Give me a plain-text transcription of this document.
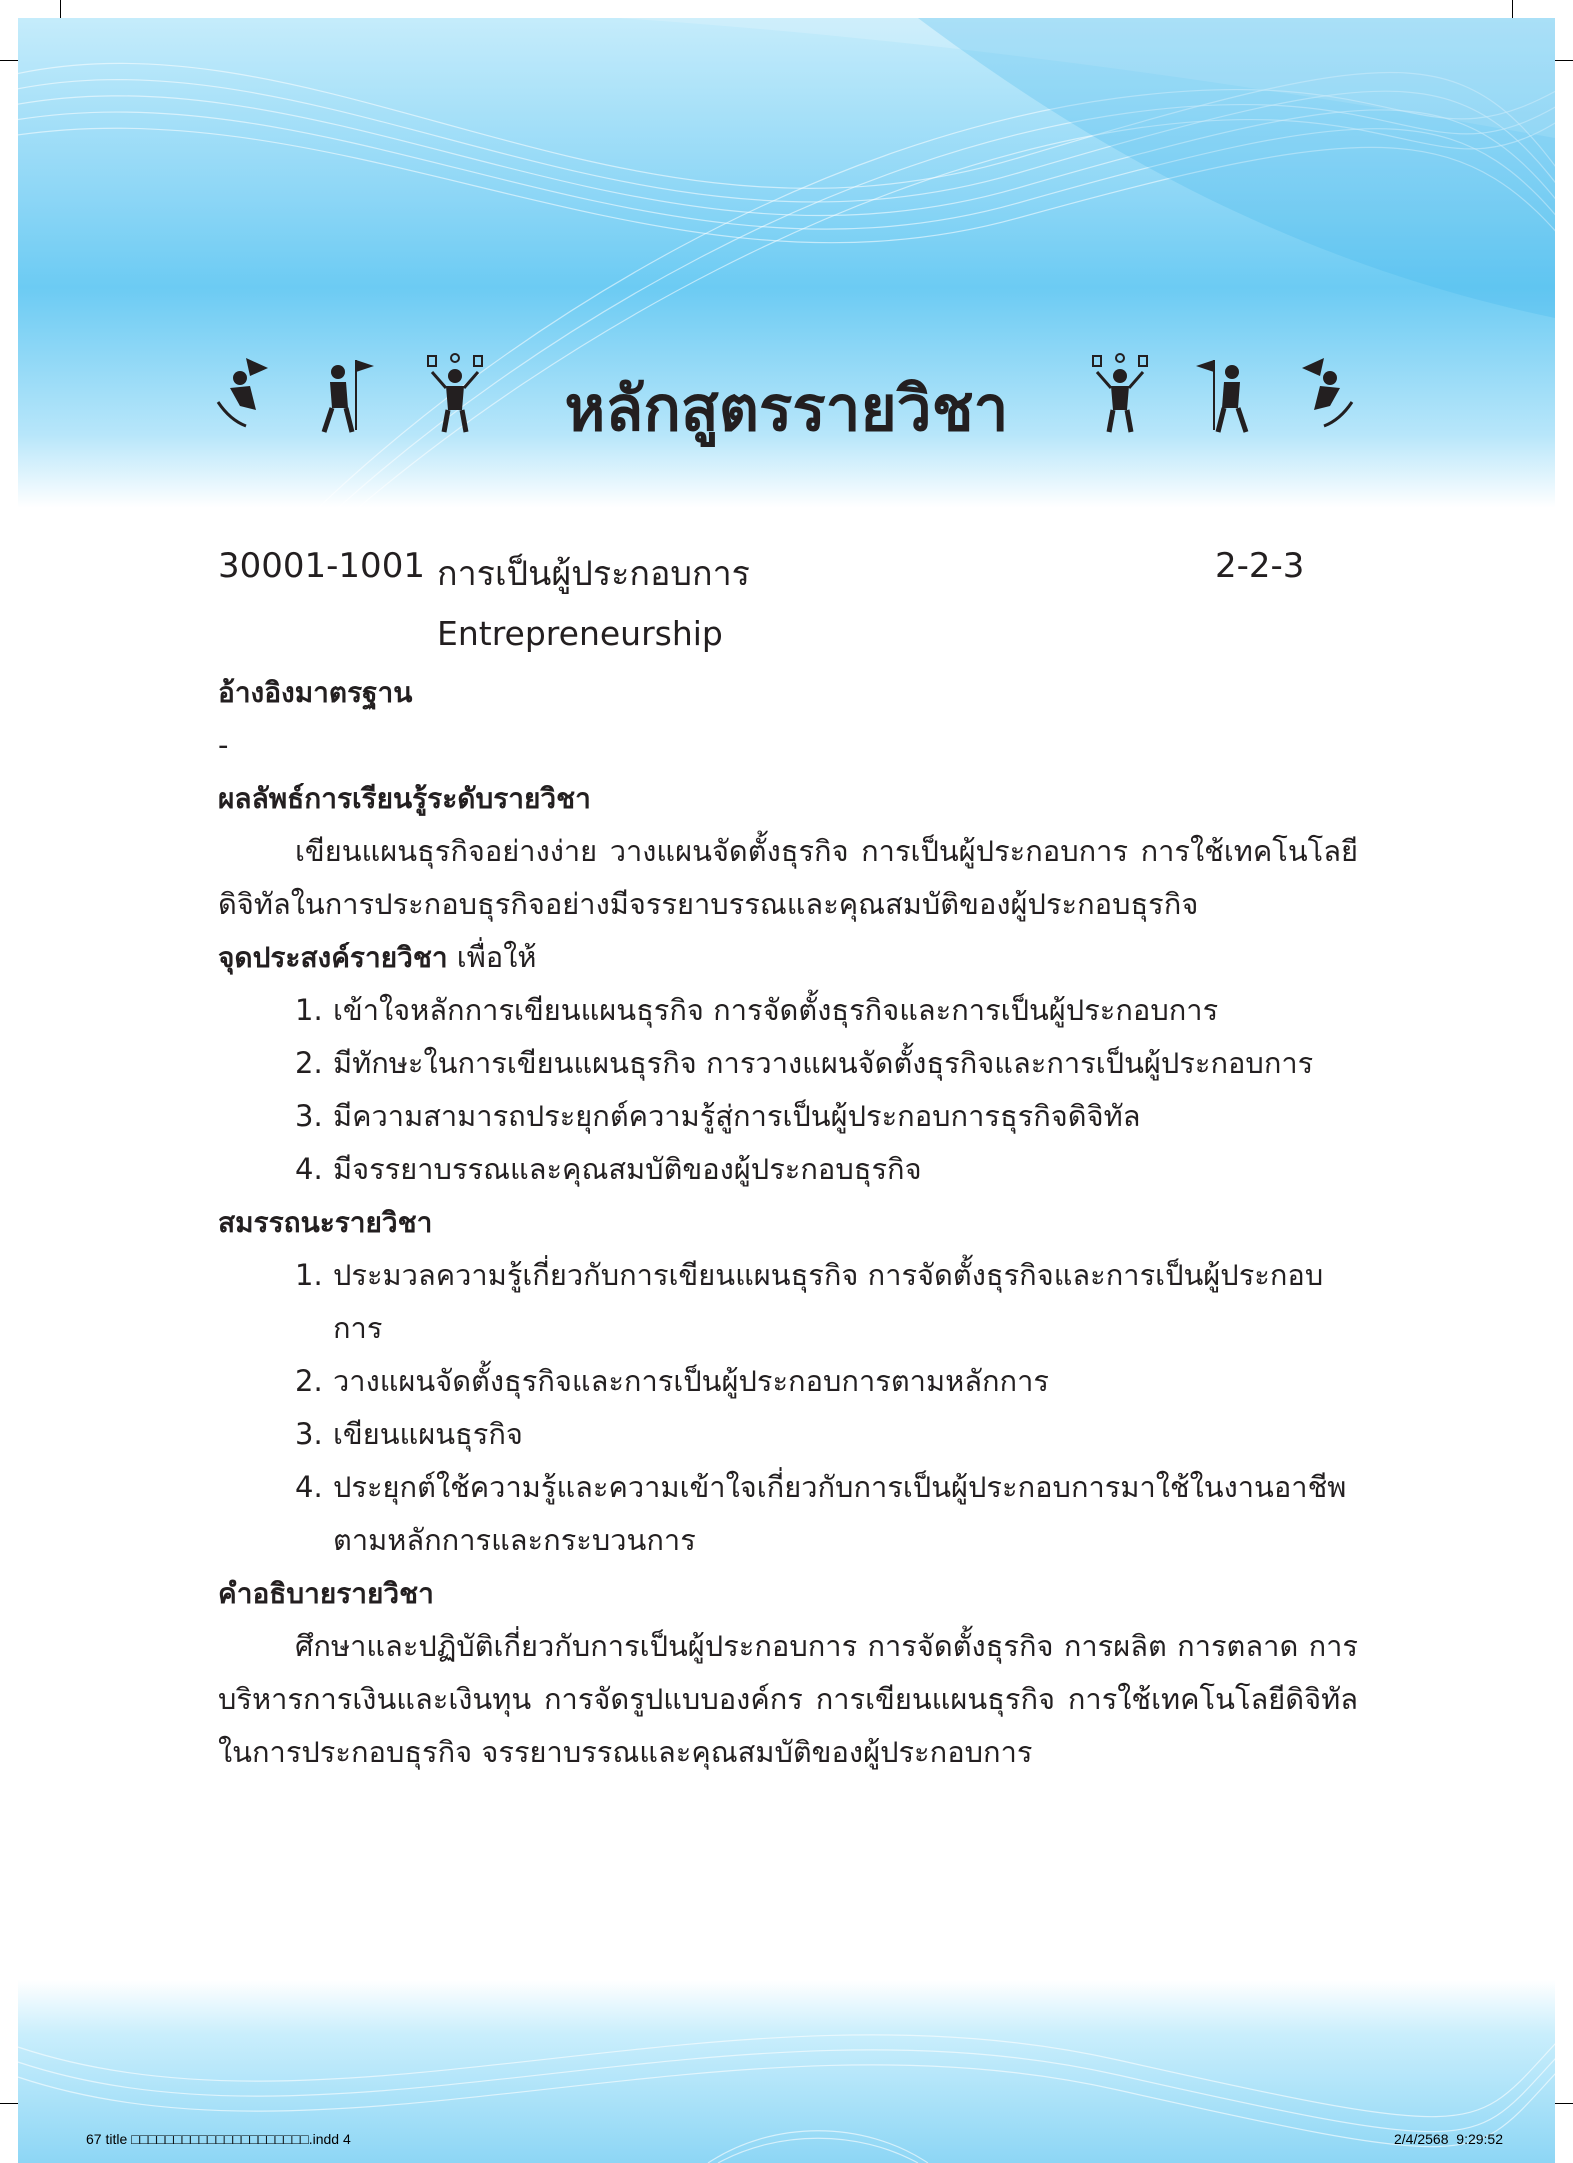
หลักสูตรรายวิชา
30001-1001 การเป็นผู้ประกอบการ	2-2-3
Entrepreneurship

อ้างอิงมาตรฐาน

-

ผลลัพธ์การเรียนรู้ระดับรายวิชา

เขียนแผนธุรกิจอย่างง่าย วางแผนจัดตั้งธุรกิจ การเป็นผู้ประกอบการ การใช้เทคโนโลยีดิจิทัลในการประกอบธุรกิจอย่างมีจรรยาบรรณและคุณสมบัติของผู้ประกอบธุรกิจ

จุดประสงค์รายวิชา เพื่อให้

1. เข้าใจหลักการเขียนแผนธุรกิจ การจัดตั้งธุรกิจและการเป็นผู้ประกอบการ
2. มีทักษะในการเขียนแผนธุรกิจ การวางแผนจัดตั้งธุรกิจและการเป็นผู้ประกอบการ
3. มีความสามารถประยุกต์ความรู้สู่การเป็นผู้ประกอบการธุรกิจดิจิทัล
4. มีจรรยาบรรณและคุณสมบัติของผู้ประกอบธุรกิจ

สมรรถนะรายวิชา

1. ประมวลความรู้เกี่ยวกับการเขียนแผนธุรกิจ การจัดตั้งธุรกิจและการเป็นผู้ประกอบการ
2. วางแผนจัดตั้งธุรกิจและการเป็นผู้ประกอบการตามหลักการ
3. เขียนแผนธุรกิจ
4. ประยุกต์ใช้ความรู้และความเข้าใจเกี่ยวกับการเป็นผู้ประกอบการมาใช้ในงานอาชีพตามหลักการและกระบวนการ

คำอธิบายรายวิชา

ศึกษาและปฏิบัติเกี่ยวกับการเป็นผู้ประกอบการ การจัดตั้งธุรกิจ การผลิต การตลาด การบริหารการเงินและเงินทุน การจัดรูปแบบองค์กร การเขียนแผนธุรกิจ การใช้เทคโนโลยีดิจิทัลในการประกอบธุรกิจ จรรยาบรรณและคุณสมบัติของผู้ประกอบการ

67 title □□□□□□□□□□□□□□□□□□□□□.indd 4	2/4/2568 9:29:52
